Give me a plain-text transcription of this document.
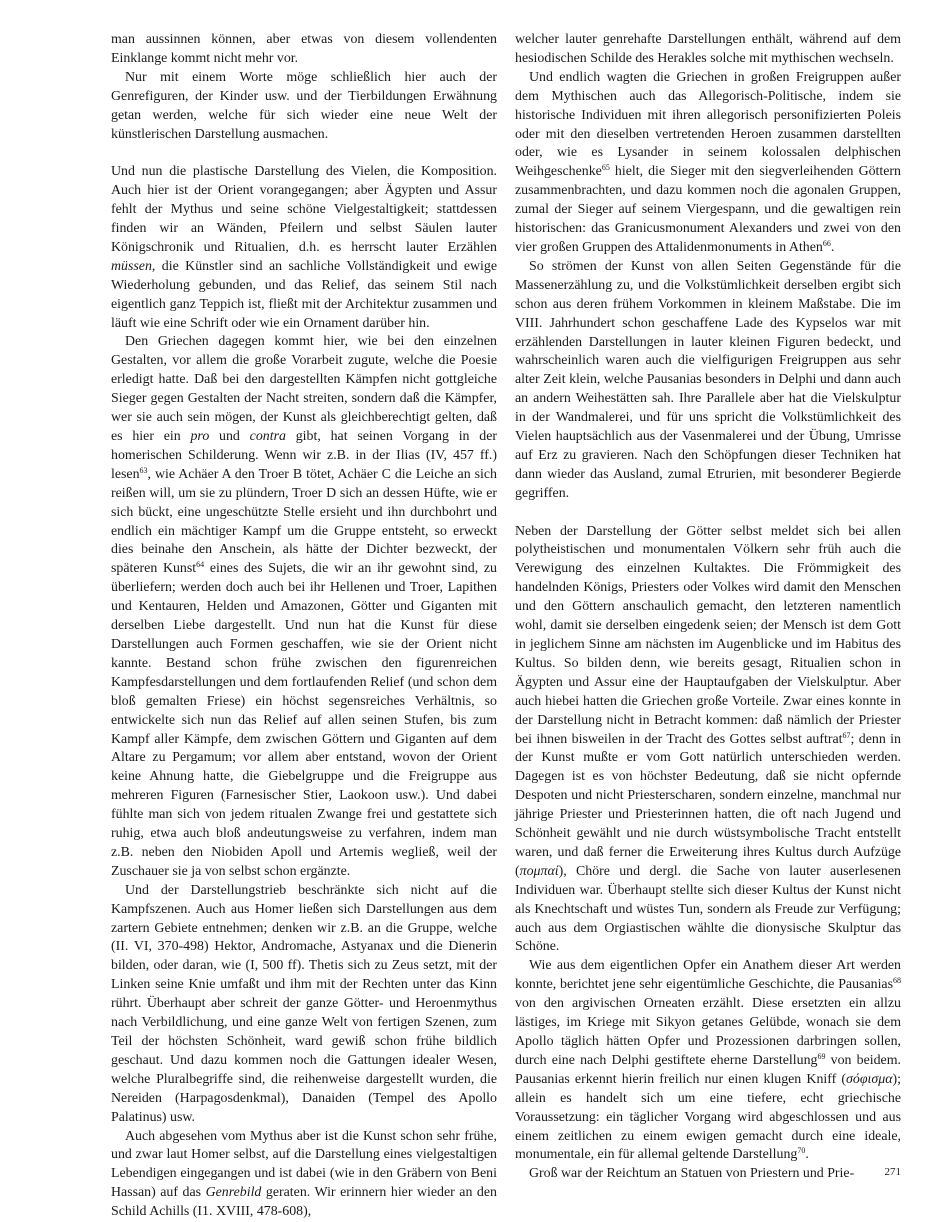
man aussinnen können, aber etwas von diesem vollendenten Einklange kommt nicht mehr vor.

Nur mit einem Worte möge schließlich hier auch der Genrefiguren, der Kinder usw. und der Tierbildungen Erwähnung getan werden, welche für sich wieder eine neue Welt der künstlerischen Darstellung ausmachen.

Und nun die plastische Darstellung des Vielen, die Komposition. Auch hier ist der Orient vorangegangen; aber Ägypten und Assur fehlt der Mythus und seine schöne Vielgestaltigkeit; stattdessen finden wir an Wänden, Pfeilern und selbst Säulen lauter Königschronik und Ritualien, d.h. es herrscht lauter Erzählen müssen, die Künstler sind an sachliche Vollständigkeit und ewige Wiederholung gebunden, und das Relief, das seinem Stil nach eigentlich ganz Teppich ist, fließt mit der Architektur zusammen und läuft wie eine Schrift oder wie ein Ornament darüber hin.

Den Griechen dagegen kommt hier, wie bei den einzelnen Gestalten, vor allem die große Vorarbeit zugute, welche die Poesie erledigt hatte. Daß bei den dargestellten Kämpfen nicht gottgleiche Sieger gegen Gestalten der Nacht streiten, sondern daß die Kämpfer, wer sie auch sein mögen, der Kunst als gleichberechtigt gelten, daß es hier ein pro und contra gibt, hat seinen Vorgang in der homerischen Schilderung. Wenn wir z.B. in der Ilias (IV, 457 ff.) lesen$^{63}$, wie Achäer A den Troer B tötet, Achäer C die Leiche an sich reißen will, um sie zu plündern, Troer D sich an dessen Hüfte, wie er sich bückt, eine ungeschützte Stelle ersieht und ihn durchbohrt und endlich ein mächtiger Kampf um die Gruppe entsteht, so erweckt dies beinahe den Anschein, als hätte der Dichter bezweckt, der späteren Kunst$^{64}$ eines des Sujets, die wir an ihr gewohnt sind, zu überliefern; werden doch auch bei ihr Hellenen und Troer, Lapithen und Kentauren, Helden und Amazonen, Götter und Giganten mit derselben Liebe dargestellt. Und nun hat die Kunst für diese Darstellungen auch Formen geschaffen, wie sie der Orient nicht kannte. Bestand schon frühe zwischen den figurenreichen Kampfesdarstellungen und dem fortlaufenden Relief (und schon dem bloß gemalten Friese) ein höchst segensreiches Verhältnis, so entwickelte sich nun das Relief auf allen seinen Stufen, bis zum Kampf aller Kämpfe, dem zwischen Göttern und Giganten auf dem Altare zu Pergamum; vor allem aber entstand, wovon der Orient keine Ahnung hatte, die Giebelgruppe und die Freigruppe aus mehreren Figuren (Farnesischer Stier, Laokoon usw.). Und dabei fühlte man sich von jedem ritualen Zwange frei und gestattete sich ruhig, etwa auch bloß andeutungsweise zu verfahren, indem man z.B. neben den Niobiden Apoll und Artemis wegließ, weil der Zuschauer sie ja von selbst schon ergänzte.

Und der Darstellungstrieb beschränkte sich nicht auf die Kampfszenen. Auch aus Homer ließen sich Darstellungen aus dem zartern Gebiete entnehmen; denken wir z.B. an die Gruppe, welche (II. VI, 370-498) Hektor, Andromache, Astyanax und die Dienerin bilden, oder daran, wie (I, 500 ff). Thetis sich zu Zeus setzt, mit der Linken seine Knie umfaßt und ihm mit der Rechten unter das Kinn rührt. Überhaupt aber schreit der ganze Götter- und Heroenmythus nach Verbildlichung, und eine ganze Welt von fertigen Szenen, zum Teil der höchsten Schönheit, ward gewiß schon frühe bildlich geschaut. Und dazu kommen noch die Gattungen idealer Wesen, welche Pluralbegriffe sind, die reihenweise dargestellt wurden, die Nereiden (Harpagosdenkmal), Danaiden (Tempel des Apollo Palatinus) usw.

Auch abgesehen vom Mythus aber ist die Kunst schon sehr frühe, und zwar laut Homer selbst, auf die Darstellung eines vielgestaltigen Lebendigen eingegangen und ist dabei (wie in den Gräbern von Beni Hassan) auf das Genrebild geraten. Wir erinnern hier wieder an den Schild Achills (I1. XVIII, 478-608),

welcher lauter genrehafte Darstellungen enthält, während auf dem hesiodischen Schilde des Herakles solche mit mythischen wechseln.

Und endlich wagten die Griechen in großen Freigruppen außer dem Mythischen auch das Allegorisch-Politische, indem sie historische Individuen mit ihren allegorisch personifizierten Poleis oder mit den dieselben vertretenden Heroen zusammen darstellten oder, wie es Lysander in seinem kolossalen delphischen Weihgeschenke$^{65}$ hielt, die Sieger mit den siegverleihenden Göttern zusammenbrachten, und dazu kommen noch die agonalen Gruppen, zumal der Sieger auf seinem Viergespann, und die gewaltigen rein historischen: das Granicusmonument Alexanders und zwei von den vier großen Gruppen des Attalidenmonuments in Athen$^{66}$.

So strömen der Kunst von allen Seiten Gegenstände für die Massenerzählung zu, und die Volkstümlichkeit derselben ergibt sich schon aus deren frühem Vorkommen in kleinem Maßstabe. Die im VIII. Jahrhundert schon geschaffene Lade des Kypselos war mit erzählenden Darstellungen in lauter kleinen Figuren bedeckt, und wahrscheinlich waren auch die vielfigurigen Freigruppen aus sehr alter Zeit klein, welche Pausanias besonders in Delphi und dann auch an andern Weihestätten sah. Ihre Parallele aber hat die Vielskulptur in der Wandmalerei, und für uns spricht die Volkstümlichkeit des Vielen hauptsächlich aus der Vasenmalerei und der Übung, Umrisse auf Erz zu gravieren. Nach den Schöpfungen dieser Techniken hat dann wieder das Ausland, zumal Etrurien, mit besonderer Begierde gegriffen.

Neben der Darstellung der Götter selbst meldet sich bei allen polytheistischen und monumentalen Völkern sehr früh auch die Verewigung des einzelnen Kultaktes. Die Frömmigkeit des handelnden Königs, Priesters oder Volkes wird damit den Menschen und den Göttern anschaulich gemacht, den letzteren namentlich wohl, damit sie derselben eingedenk seien; der Mensch ist dem Gott in jeglichem Sinne am nächsten im Augenblicke und im Habitus des Kultus. So bilden denn, wie bereits gesagt, Ritualien schon in Ägypten und Assur eine der Hauptaufgaben der Vielskulptur. Aber auch hiebei hatten die Griechen große Vorteile. Zwar eines konnte in der Darstellung nicht in Betracht kommen: daß nämlich der Priester bei ihnen bisweilen in der Tracht des Gottes selbst auftrat$^{67}$; denn in der Kunst mußte er vom Gott natürlich unterschieden werden. Dagegen ist es von höchster Bedeutung, daß sie nicht opfernde Despoten und nicht Priesterscharen, sondern einzelne, manchmal nur jährige Priester und Priesterinnen hatten, die oft nach Jugend und Schönheit gewählt und nie durch wüstsymbolische Tracht entstellt waren, und daß ferner die Erweiterung ihres Kultus durch Aufzüge (πομπαί), Chöre und dergl. die Sache von lauter auserlesenen Individuen war. Überhaupt stellte sich dieser Kultus der Kunst nicht als Knechtschaft und wüstes Tun, sondern als Freude zur Verfügung; auch aus dem Orgiastischen wählte die dionysische Skulptur das Schöne.

Wie aus dem eigentlichen Opfer ein Anathem dieser Art werden konnte, berichtet jene sehr eigentümliche Geschichte, die Pausanias$^{68}$ von den argivischen Orneaten erzählt. Diese ersetzten ein allzu lästiges, im Kriege mit Sikyon getanes Gelübde, wonach sie dem Apollo täglich hätten Opfer und Prozessionen darbringen sollen, durch eine nach Delphi gestiftete eherne Darstellung$^{69}$ von beidem. Pausanias erkennt hierin freilich nur einen klugen Kniff (σόφισμα); allein es handelt sich um eine tiefere, echt griechische Voraussetzung: ein täglicher Vorgang wird abgeschlossen und aus einem zeitlichen zu einem ewigen gemacht durch eine ideale, monumentale, ein für allemal geltende Darstellung$^{70}$.

Groß war der Reichtum an Statuen von Priestern und Prie-	271
